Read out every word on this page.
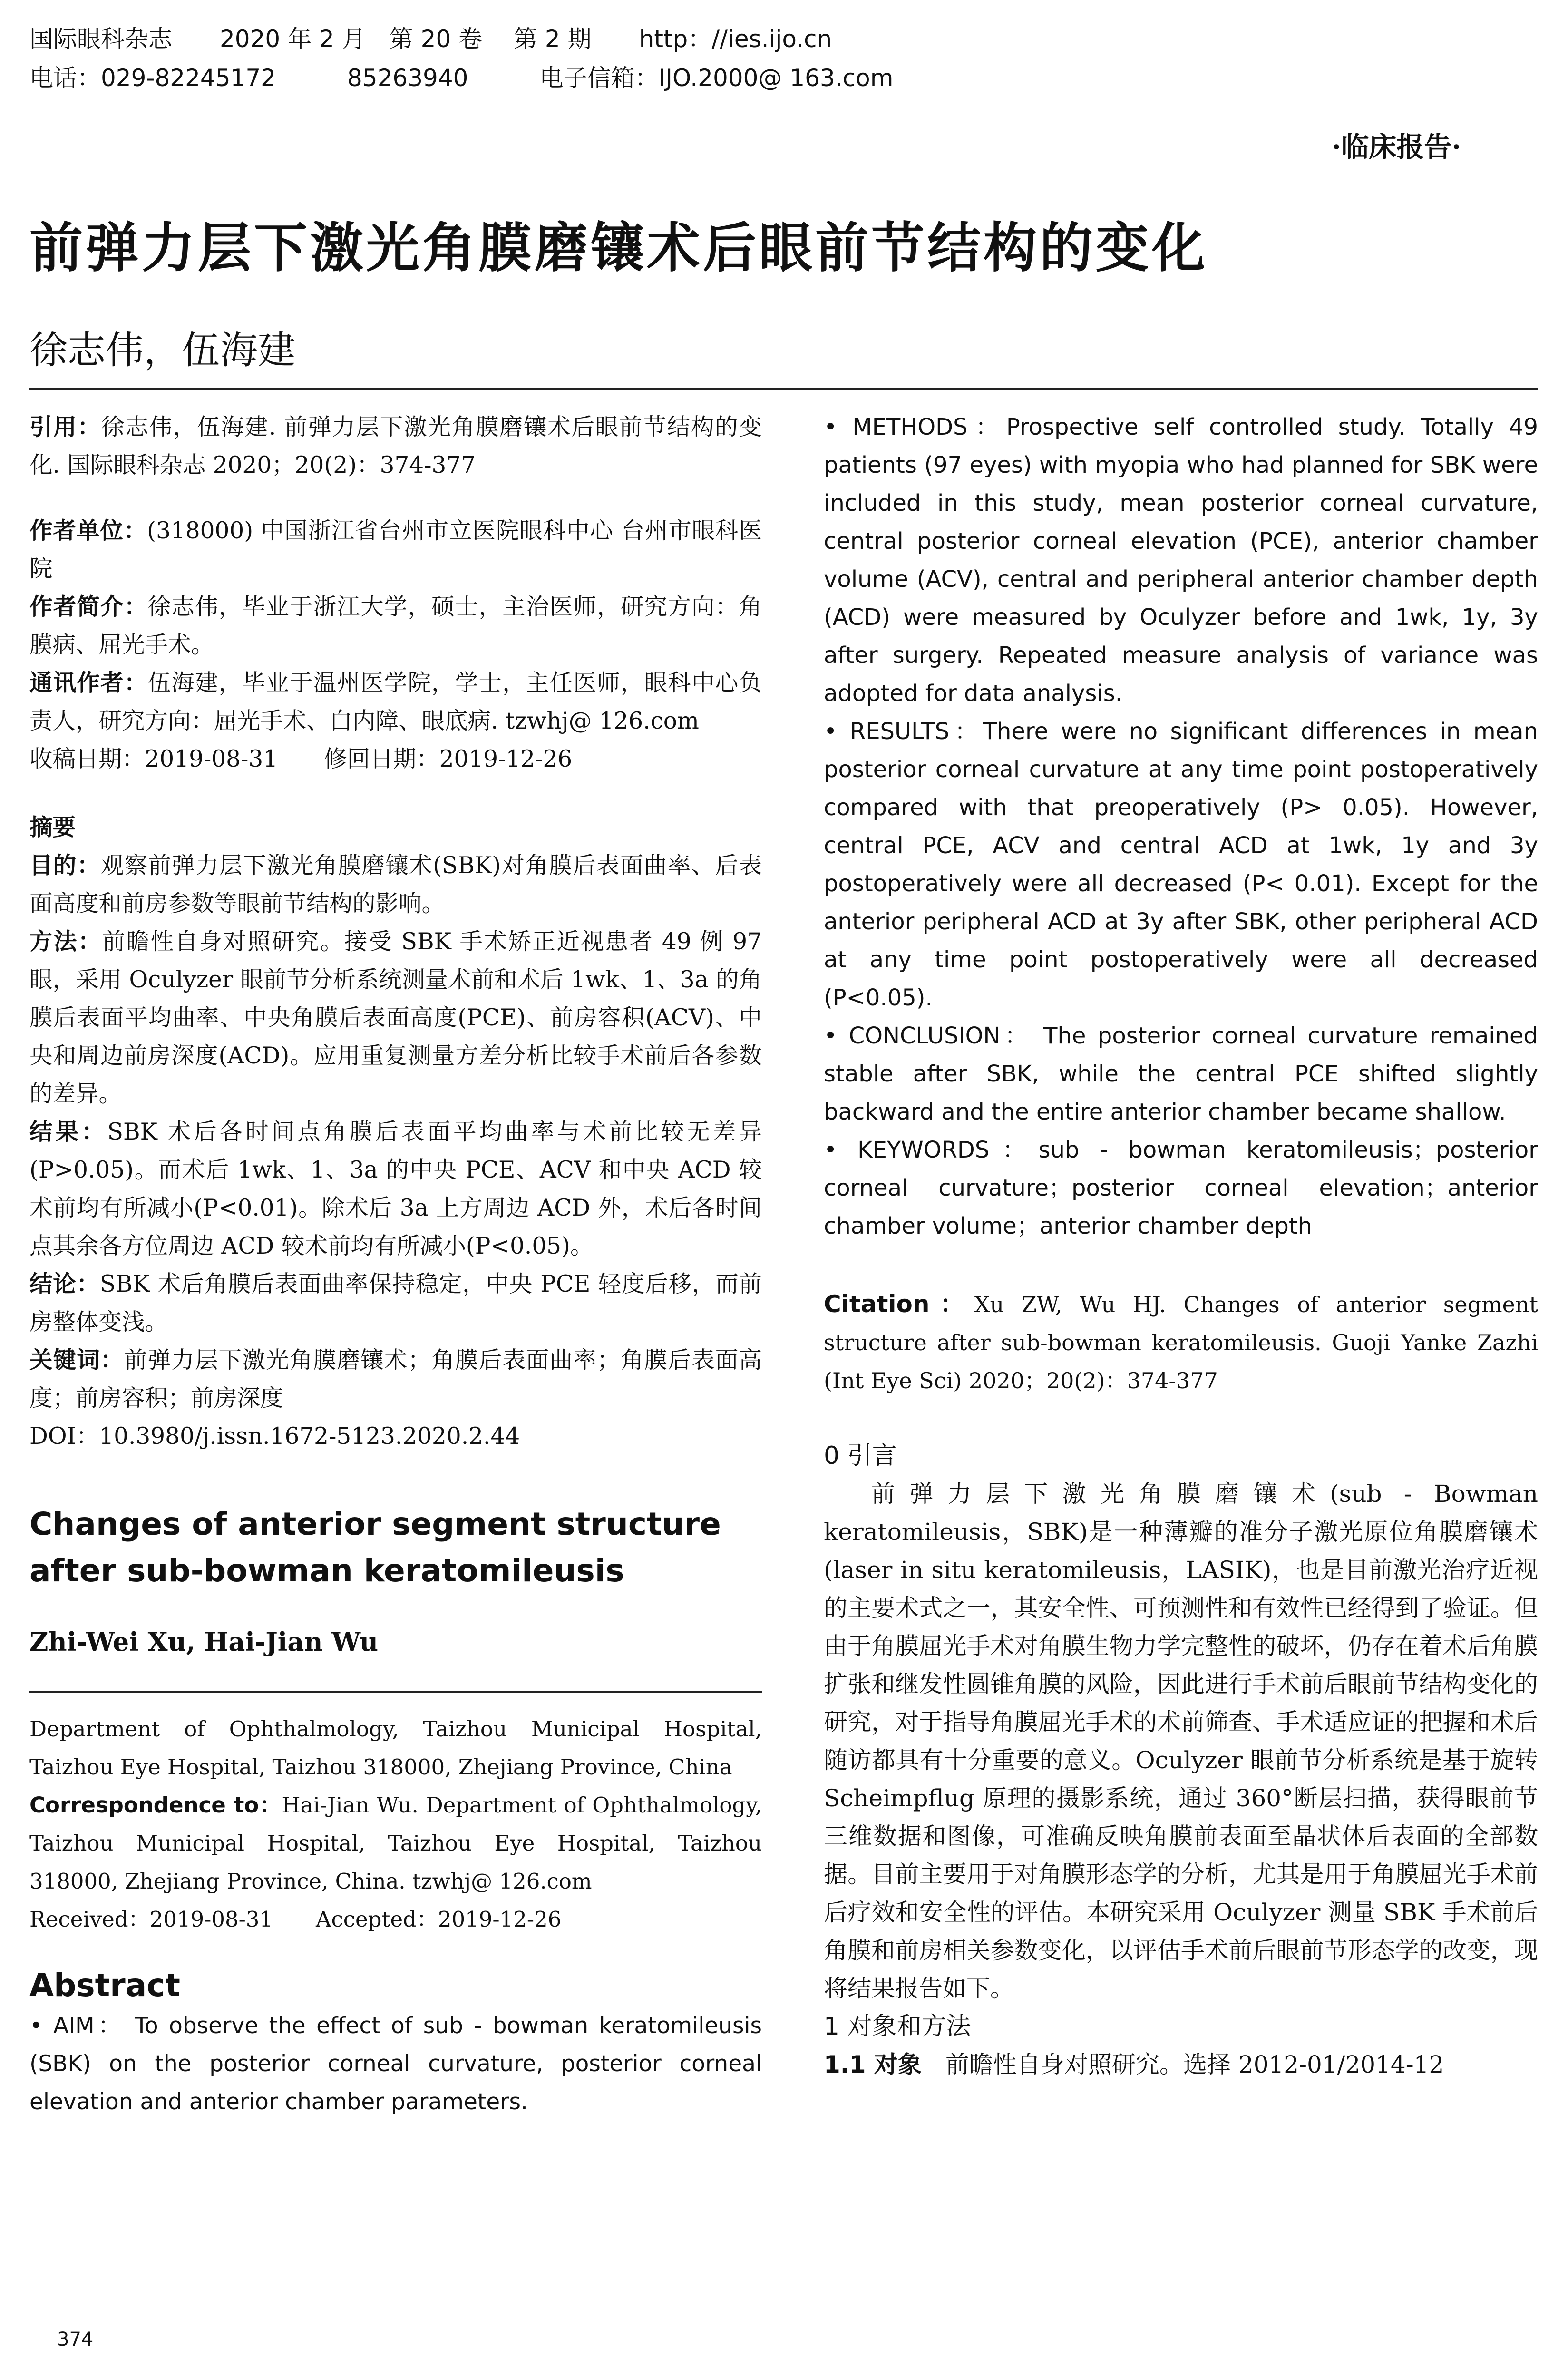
国际眼科杂志　　2020 年 2 月　第 20 卷　 第 2 期　　http：//ies.ijo.cn
电话：029-82245172　　　85263940　　　电子信箱：IJO.2000@ 163.com
·临床报告·
前弹力层下激光角膜磨镶术后眼前节结构的变化
徐志伟，伍海建
引用：徐志伟，伍海建. 前弹力层下激光角膜磨镶术后眼前节结构的变化. 国际眼科杂志 2020；20(2)：374-377
作者单位：(318000) 中国浙江省台州市立医院眼科中心 台州市眼科医院
作者简介：徐志伟，毕业于浙江大学，硕士，主治医师，研究方向：角膜病、屈光手术。
通讯作者：伍海建，毕业于温州医学院，学士，主任医师，眼科中心负责人，研究方向：屈光手术、白内障、眼底病. tzwhj@ 126.com
收稿日期：2019-08-31　　修回日期：2019-12-26
摘要
目的：观察前弹力层下激光角膜磨镶术(SBK)对角膜后表面曲率、后表面高度和前房参数等眼前节结构的影响。
方法：前瞻性自身对照研究。接受 SBK 手术矫正近视患者 49 例 97 眼，采用 Oculyzer 眼前节分析系统测量术前和术后 1wk、1、3a 的角膜后表面平均曲率、中央角膜后表面高度(PCE)、前房容积(ACV)、中央和周边前房深度(ACD)。应用重复测量方差分析比较手术前后各参数的差异。
结果：SBK 术后各时间点角膜后表面平均曲率与术前比较无差异(P>0.05)。而术后 1wk、1、3a 的中央 PCE、ACV 和中央 ACD 较术前均有所减小(P<0.01)。除术后 3a 上方周边 ACD 外，术后各时间点其余各方位周边 ACD 较术前均有所减小(P<0.05)。
结论：SBK 术后角膜后表面曲率保持稳定，中央 PCE 轻度后移，而前房整体变浅。
关键词：前弹力层下激光角膜磨镶术；角膜后表面曲率；角膜后表面高度；前房容积；前房深度
DOI：10.3980/j.issn.1672-5123.2020.2.44
Changes of anterior segment structure after sub-bowman keratomileusis
Zhi-Wei Xu, Hai-Jian Wu
Department of Ophthalmology, Taizhou Municipal Hospital, Taizhou Eye Hospital, Taizhou 318000, Zhejiang Province, China
Correspondence to：Hai-Jian Wu. Department of Ophthalmology, Taizhou Municipal Hospital, Taizhou Eye Hospital, Taizhou 318000, Zhejiang Province, China. tzwhj@ 126.com
Received：2019-08-31　　Accepted：2019-12-26
Abstract
• AIM： To observe the effect of sub - bowman keratomileusis (SBK) on the posterior corneal curvature, posterior corneal elevation and anterior chamber parameters.
• METHODS：Prospective self controlled study. Totally 49 patients (97 eyes) with myopia who had planned for SBK were included in this study, mean posterior corneal curvature, central posterior corneal elevation (PCE), anterior chamber volume (ACV), central and peripheral anterior chamber depth (ACD) were measured by Oculyzer before and 1wk, 1y, 3y after surgery. Repeated measure analysis of variance was adopted for data analysis.
• RESULTS：There were no significant differences in mean posterior corneal curvature at any time point postoperatively compared with that preoperatively (P> 0.05). However, central PCE, ACV and central ACD at 1wk, 1y and 3y postoperatively were all decreased (P< 0.01). Except for the anterior peripheral ACD at 3y after SBK, other peripheral ACD at any time point postoperatively were all decreased (P<0.05).
• CONCLUSION： The posterior corneal curvature remained stable after SBK, while the central PCE shifted slightly backward and the entire anterior chamber became shallow.
• KEYWORDS：sub - bowman keratomileusis；posterior corneal curvature；posterior corneal elevation；anterior chamber volume；anterior chamber depth
Citation：Xu ZW, Wu HJ. Changes of anterior segment structure after sub-bowman keratomileusis. Guoji Yanke Zazhi (Int Eye Sci) 2020；20(2)：374-377
0 引言
前弹力层下激光角膜磨镶术(sub - Bowman keratomileusis，SBK)是一种薄瓣的准分子激光原位角膜磨镶术(laser in situ keratomileusis，LASIK)，也是目前激光治疗近视的主要术式之一，其安全性、可预测性和有效性已经得到了验证。但由于角膜屈光手术对角膜生物力学完整性的破坏，仍存在着术后角膜扩张和继发性圆锥角膜的风险，因此进行手术前后眼前节结构变化的研究，对于指导角膜屈光手术的术前筛查、手术适应证的把握和术后随访都具有十分重要的意义。Oculyzer 眼前节分析系统是基于旋转 Scheimpflug 原理的摄影系统，通过 360°断层扫描，获得眼前节三维数据和图像，可准确反映角膜前表面至晶状体后表面的全部数据。目前主要用于对角膜形态学的分析，尤其是用于角膜屈光手术前后疗效和安全性的评估。本研究采用 Oculyzer 测量 SBK 手术前后角膜和前房相关参数变化，以评估手术前后眼前节形态学的改变，现将结果报告如下。
1 对象和方法
1.1 对象　 前瞻性自身对照研究。选择 2012-01/2014-12
374
